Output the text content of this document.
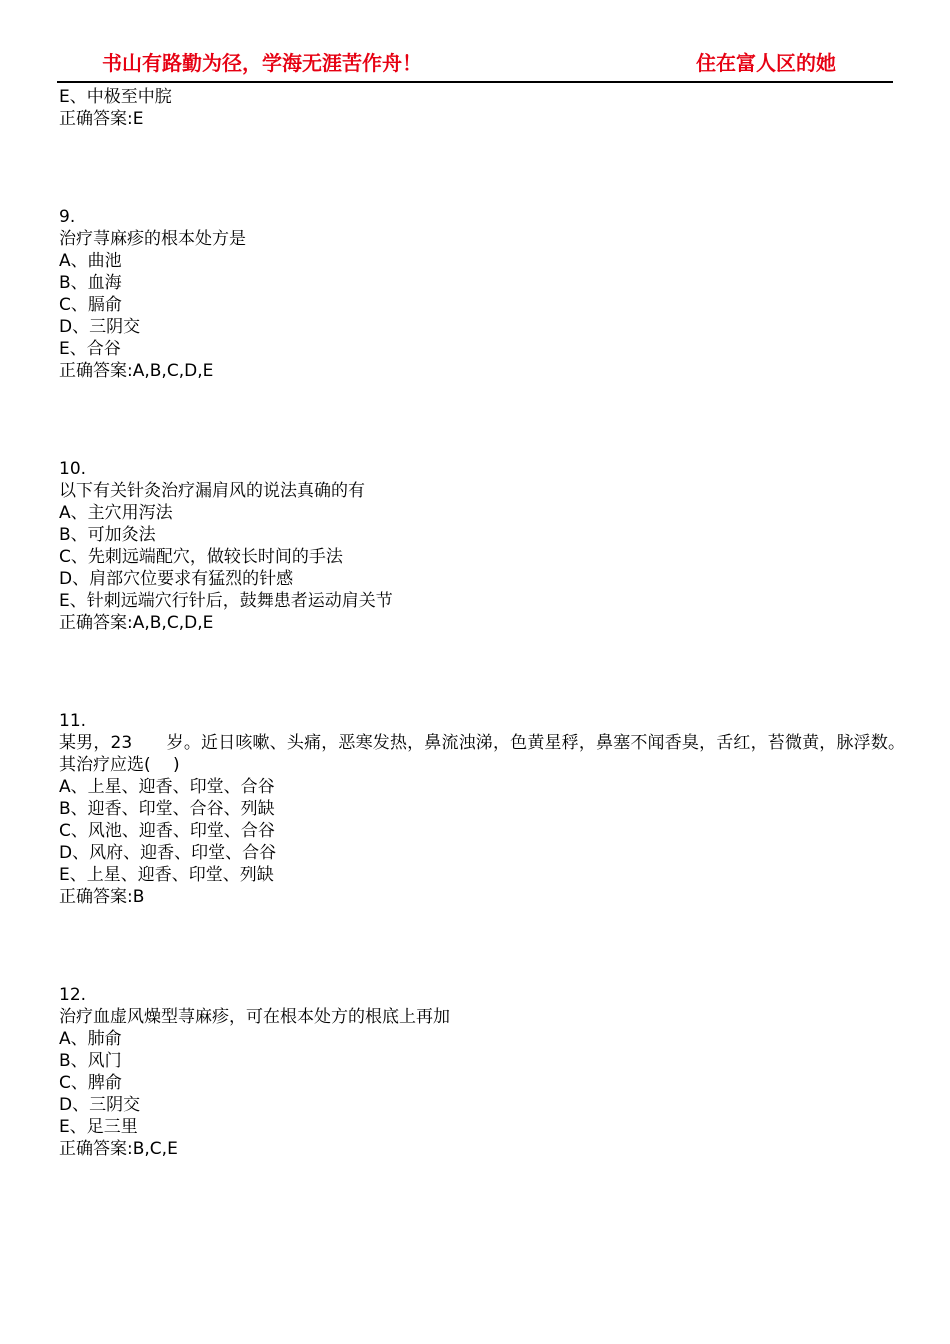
书山有路勤为径，学海无涯苦作舟！	住在富人区的她
E、中极至中脘
正确答案:E
9.
治疗荨麻疹的根本处方是
A、曲池
B、血海
C、膈俞
D、三阴交
E、合谷
正确答案:A,B,C,D,E
10.
以下有关针灸治疗漏肩风的说法真确的有
A、主穴用泻法
B、可加灸法
C、先刺远端配穴，做较长时间的手法
D、肩部穴位要求有猛烈的针感
E、针刺远端穴行针后，鼓舞患者运动肩关节
正确答案:A,B,C,D,E
11.
某男，23　　岁。近日咳嗽、头痛，恶寒发热，鼻流浊涕，色黄星稃，鼻塞不闻香臭，舌红，苔微黄，脉浮数。其治疗应选(　 )
A、上星、迎香、印堂、合谷
B、迎香、印堂、合谷、列缺
C、风池、迎香、印堂、合谷
D、风府、迎香、印堂、合谷
E、上星、迎香、印堂、列缺
正确答案:B
12.
治疗血虚风燥型荨麻疹，可在根本处方的根底上再加
A、肺俞
B、风门
C、脾俞
D、三阴交
E、足三里
正确答案:B,C,E
